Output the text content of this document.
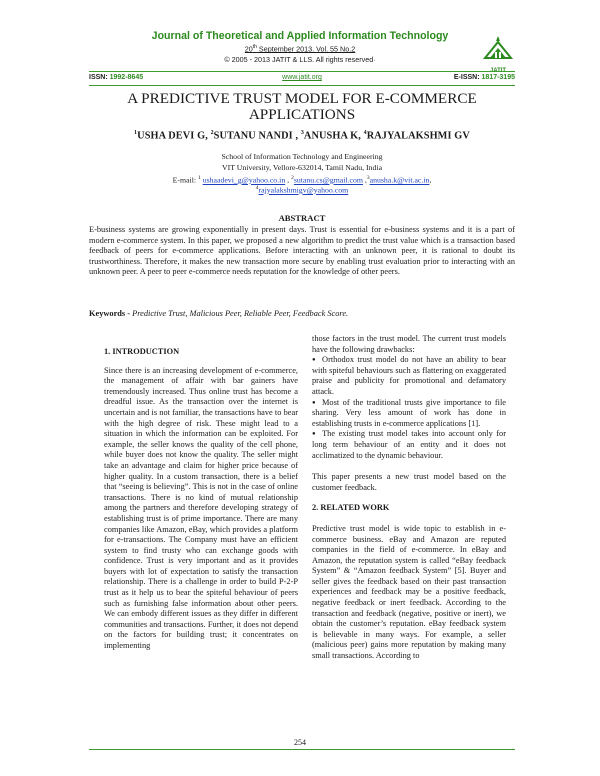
Journal of Theoretical and Applied Information Technology
20th September 2013. Vol. 55 No.2
© 2005 - 2013 JATIT & LLS. All rights reserved·
ISSN: 1992-8645	www.jatit.org	E-ISSN: 1817-3195
A PREDICTIVE TRUST MODEL FOR E-COMMERCE
APPLICATIONS
$^1$USHA DEVI G, $^2$SUTANU NANDI , $^3$ANUSHA K, $^4$RAJYALAKSHMI GV
School of Information Technology and Engineering
VIT University, Vellore-632014, Tamil Nadu, India
E-mail: $^1$ ushaadevi_g@yahoo.co.in , $^2$sutanu.cs@gmail.com ,$^3$anusha.k@vit.ac.in,
$^4$rajyalakshmigv@yahoo.com
ABSTRACT
E-business systems are growing exponentially in present days. Trust is essential for e-business systems and it is a part of modern e-commerce system. In this paper, we proposed a new algorithm to predict the trust value which is a transaction based feedback of peers for e-commerce applications. Before interacting with an unknown peer, it is rational to doubt its trustworthiness. Therefore, it makes the new transaction more secure by enabling trust evaluation prior to interacting with an unknown peer. A peer to peer e-commerce needs reputation for the knowledge of other peers.
Keywords - Predictive Trust, Malicious Peer, Reliable Peer, Feedback Score.
1. INTRODUCTION
Since there is an increasing development of e-commerce, the management of affair with bar gainers have tremendously increased. Thus online trust has become a dreadful issue. As the transaction over the internet is uncertain and is not familiar, the transactions have to bear with the high degree of risk. These might lead to a situation in which the information can be exploited. For example, the seller knows the quality of the cell phone, while buyer does not know the quality. The seller might take an advantage and claim for higher price because of higher quality. In a custom transaction, there is a belief that “seeing is believing”. This is not in the case of online transactions. There is no kind of mutual relationship among the partners and therefore developing strategy of establishing trust is of prime importance. There are many companies like Amazon, eBay, which provides a platform for e-transactions. The Company must have an efficient system to find trusty who can exchange goods with confidence. Trust is very important and as it provides buyers with lot of expectation to satisfy the transaction relationship. There is a challenge in order to build P-2-P trust as it help us to bear the spiteful behaviour of peers such as furnishing false information about other peers. We can embody different issues as they differ in different communities and transactions. Further, it does not depend on the factors for building trust; it concentrates on implementing
those factors in the trust model. The current trust models have the following drawbacks:
● Orthodox trust model do not have an ability to bear with spiteful behaviours such as flattering on exaggerated praise and publicity for promotional and defamatory attack.
● Most of the traditional trusts give importance to file sharing. Very less amount of work has done in establishing trusts in e-commerce applications [1].
● The existing trust model takes into account only for long term behaviour of an entity and it does not acclimatized to the dynamic behaviour.
This paper presents a new trust model based on the customer feedback.
2. RELATED WORK
Predictive trust model is wide topic to establish in e-commerce business. eBay and Amazon are reputed companies in the field of e-commerce. In eBay and Amazon, the reputation system is called “eBay feedback System” & “Amazon feedback System” [5]. Buyer and seller gives the feedback based on their past transaction experiences and feedback may be a positive feedback, negative feedback or inert feedback. According to the transaction and feedback (negative, positive or inert), we obtain the customer’s reputation. eBay feedback system is believable in many ways. For example, a seller (malicious peer) gains more reputation by making many small transactions. According to
254
